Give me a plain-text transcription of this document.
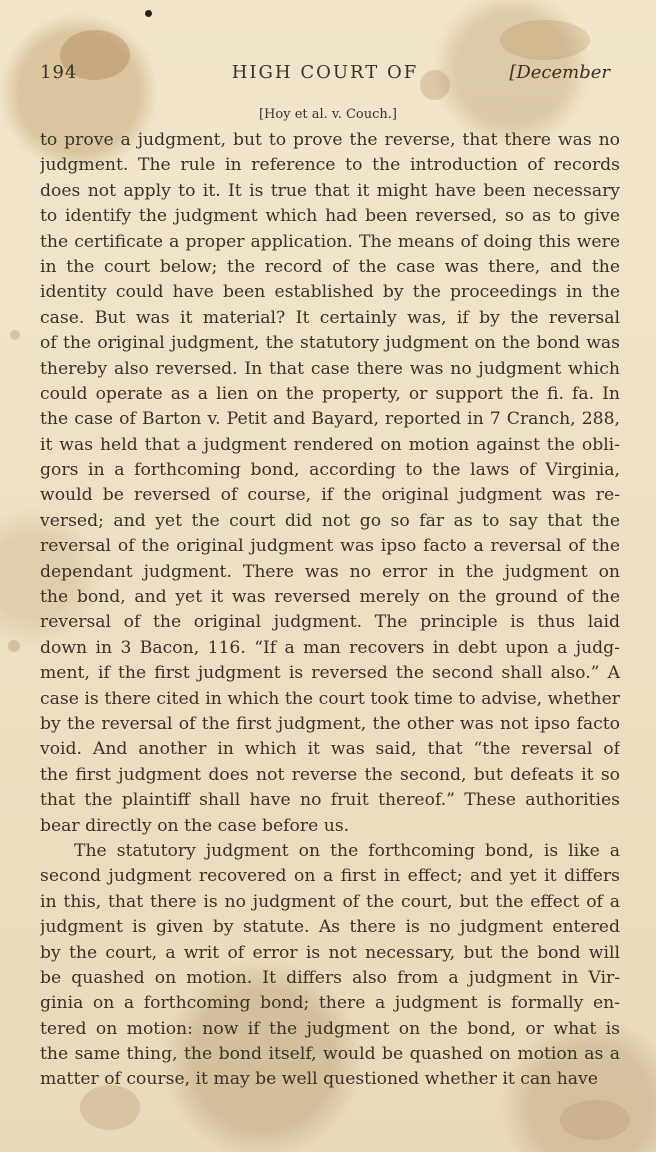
194	HIGH COURT OF	[December
[Hoy et al. v. Couch.]
to prove a judgment, but to prove the reverse, that there was no
judgment. The rule in reference to the introduction of records
does not apply to it. It is true that it might have been necessary
to identify the judgment which had been reversed, so as to give
the certificate a proper application. The means of doing this were
in the court below; the record of the case was there, and the
identity could have been established by the proceedings in the
case. But was it material? It certainly was, if by the reversal
of the original judgment, the statutory judgment on the bond was
thereby also reversed. In that case there was no judgment which
could operate as a lien on the property, or support the fi. fa. In
the case of Barton v. Petit and Bayard, reported in 7 Cranch, 288,
it was held that a judgment rendered on motion against the obli-
gors in a forthcoming bond, according to the laws of Virginia,
would be reversed of course, if the original judgment was re-
versed; and yet the court did not go so far as to say that the
reversal of the original judgment was ipso facto a reversal of the
dependant judgment. There was no error in the judgment on
the bond, and yet it was reversed merely on the ground of the
reversal of the original judgment. The principle is thus laid
down in 3 Bacon, 116. “If a man recovers in debt upon a judg-
ment, if the first judgment is reversed the second shall also.” A
case is there cited in which the court took time to advise, whether
by the reversal of the first judgment, the other was not ipso facto
void. And another in which it was said, that “the reversal of
the first judgment does not reverse the second, but defeats it so
that the plaintiff shall have no fruit thereof.” These authorities
bear directly on the case before us.
The statutory judgment on the forthcoming bond, is like a
second judgment recovered on a first in effect; and yet it differs
in this, that there is no judgment of the court, but the effect of a
judgment is given by statute. As there is no judgment entered
by the court, a writ of error is not necessary, but the bond will
be quashed on motion. It differs also from a judgment in Vir-
ginia on a forthcoming bond; there a judgment is formally en-
tered on motion: now if the judgment on the bond, or what is
the same thing, the bond itself, would be quashed on motion as a
matter of course, it may be well questioned whether it can have
